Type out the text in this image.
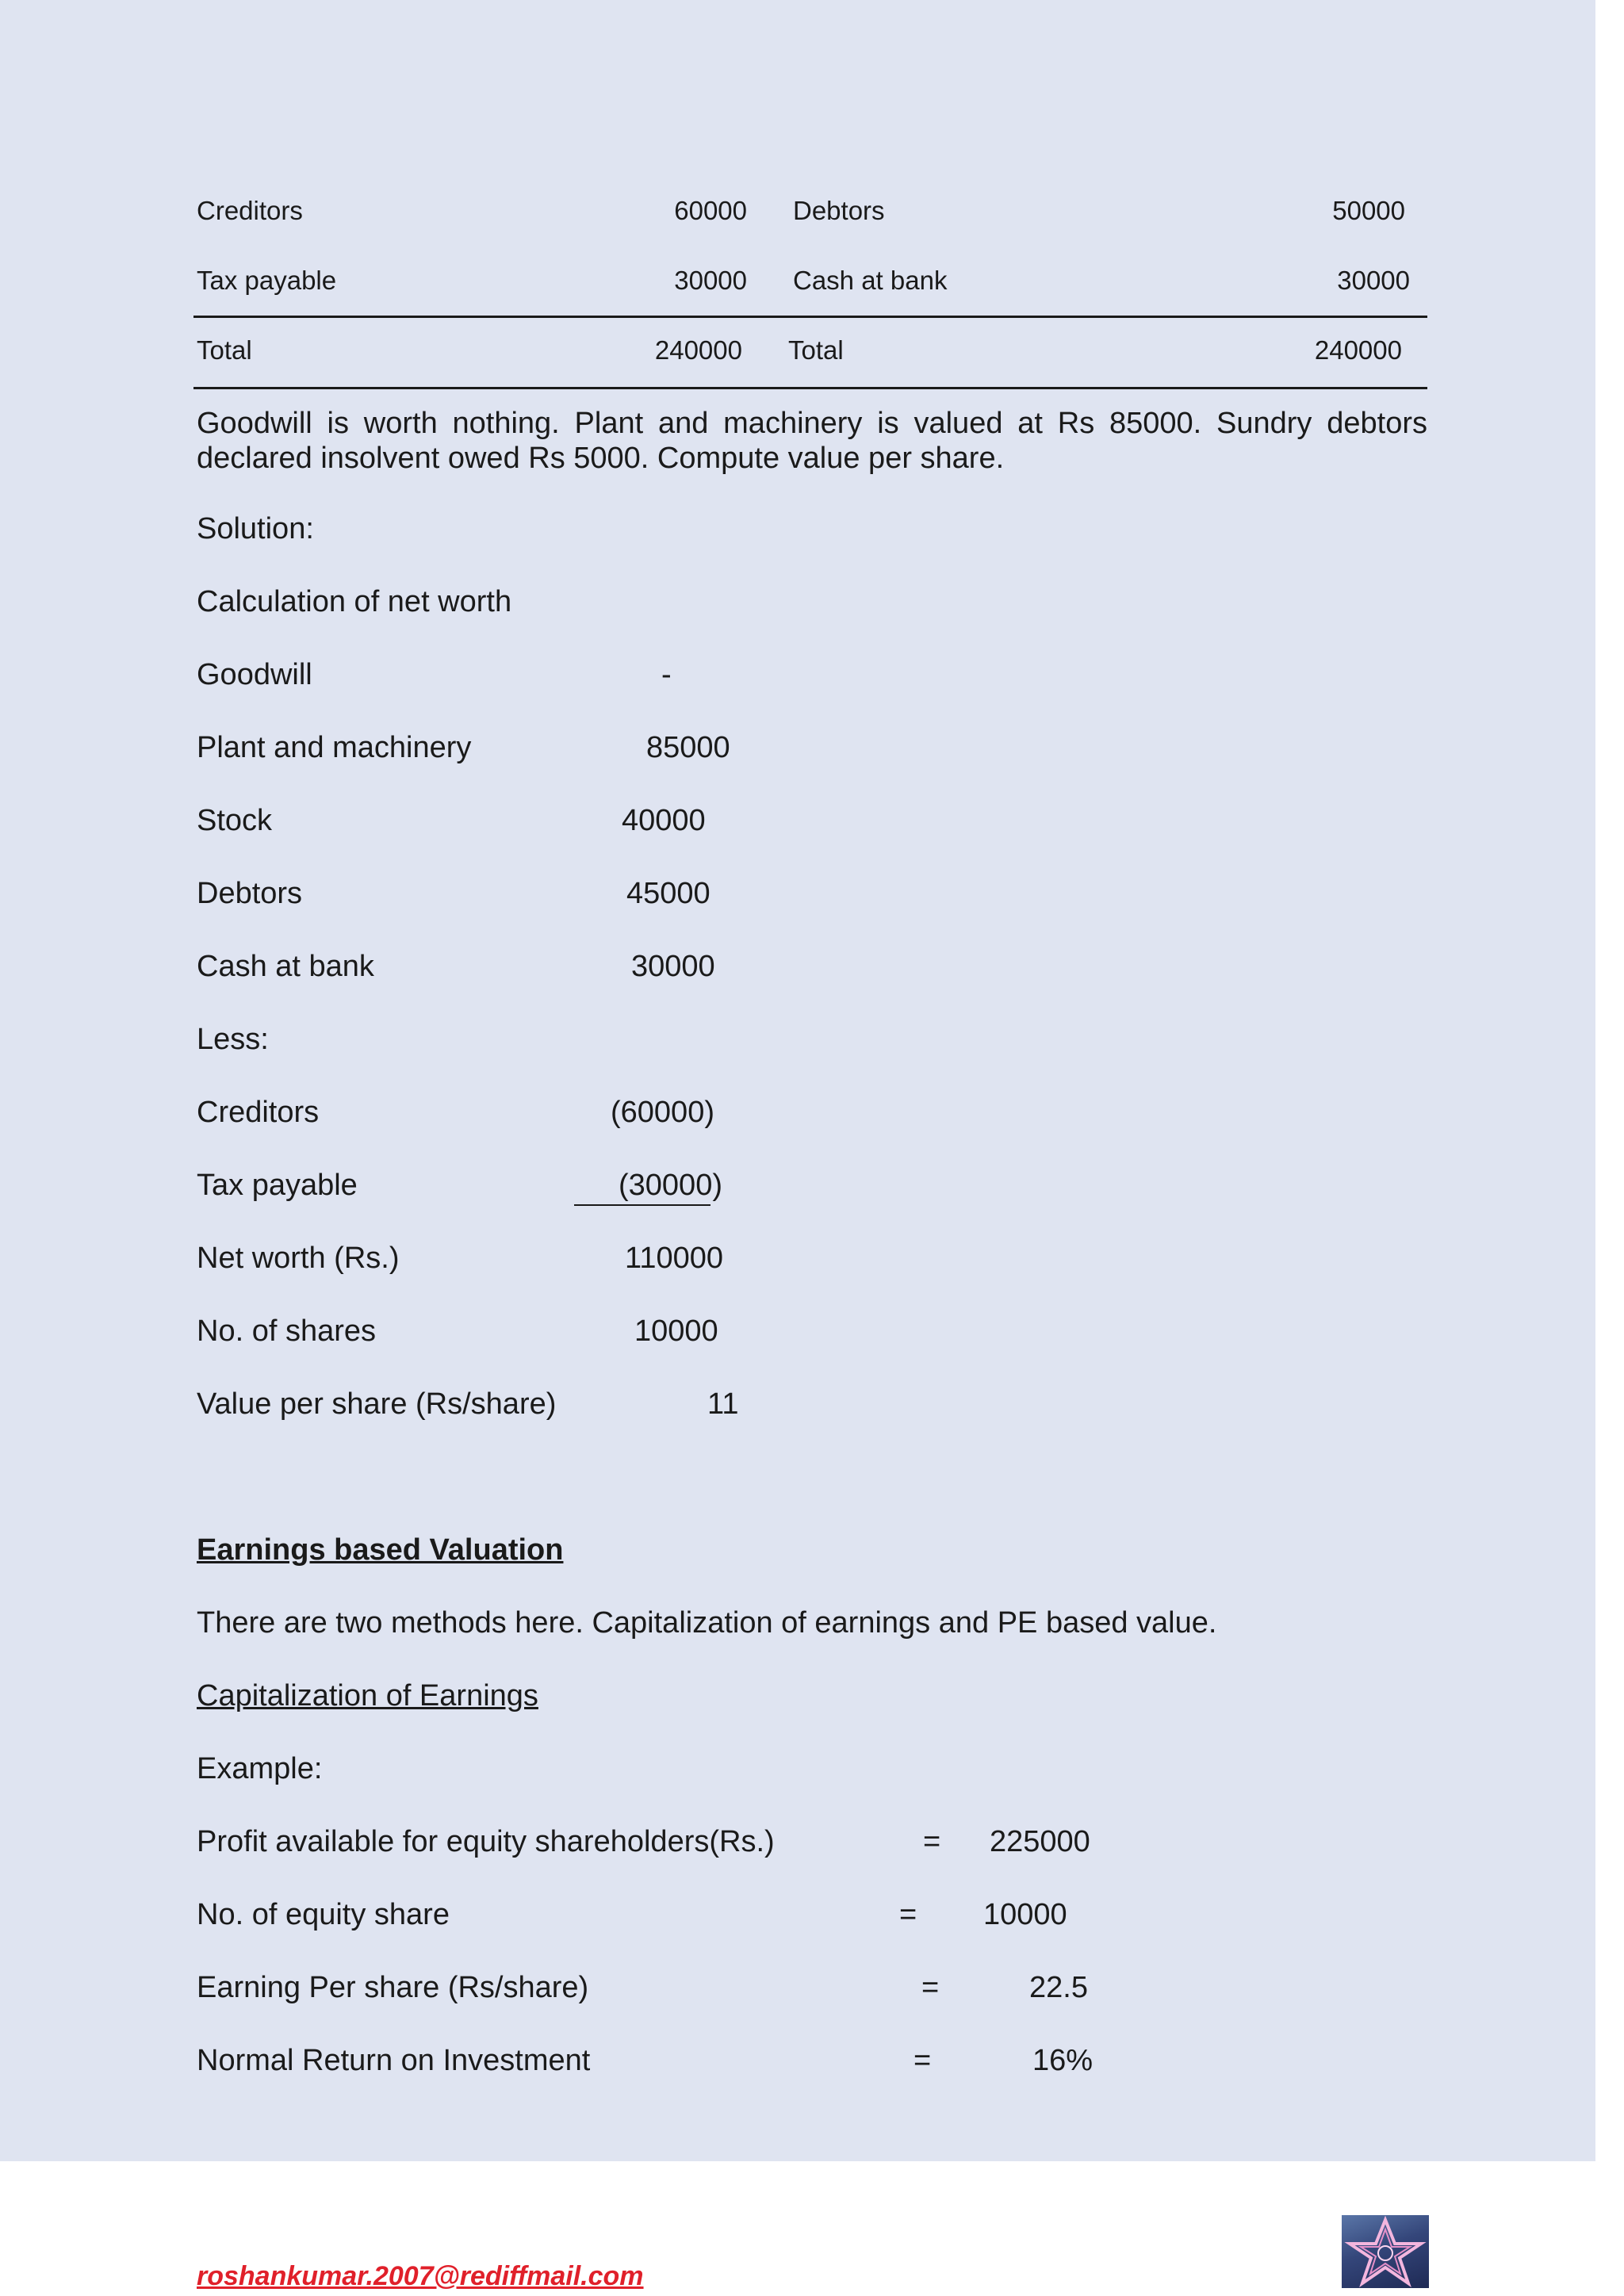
Creditors	60000 Debtors	50000
Tax payable	30000 Cash at bank	30000
Total	240000 Total	240000
Goodwill is worth nothing. Plant and machinery is valued at Rs 85000. Sundry debtors declared insolvent owed Rs 5000. Compute value per share.
Solution:
Calculation of net worth
Goodwill	-
Plant and machinery	85000
Stock	40000
Debtors	45000
Cash at bank	30000
Less:
Creditors	(60000)
Tax payable	(30000)
Net worth (Rs.)	110000
No. of shares	10000
Value per share (Rs/share)	11
Earnings based Valuation
There are two methods here. Capitalization of earnings and PE based value.
Capitalization of Earnings
Example:
Profit available for equity shareholders(Rs.)	= 225000
No. of equity share	= 10000
Earning Per share (Rs/share)	=	22.5
Normal Return on Investment	=	16%
roshankumar.2007@rediffmail.com
